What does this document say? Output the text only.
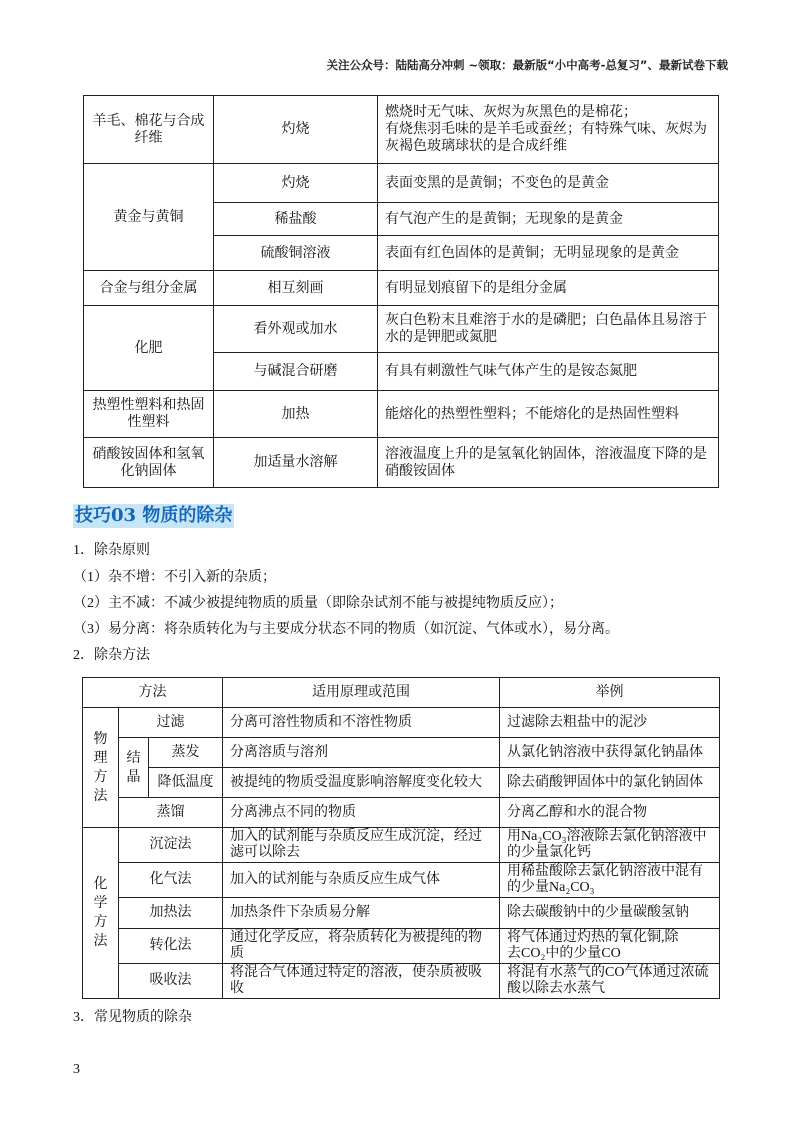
关注公众号：陆陆高分冲刺 ~领取：最新版“小中高考-总复习”、最新试卷下载
羊毛、棉花与合成纤维	灼烧	燃烧时无气味、灰烬为灰黑色的是棉花；
有烧焦羽毛味的是羊毛或蚕丝；有特殊气味、灰烬为灰褐色玻璃球状的是合成纤维

黄金与黄铜	灼烧	表面变黑的是黄铜；不变色的是黄金
	稀盐酸	有气泡产生的是黄铜；无现象的是黄金
	硫酸铜溶液	表面有红色固体的是黄铜；无明显现象的是黄金
合金与组分金属	相互刻画	有明显划痕留下的是组分金属
化肥	看外观或加水	灰白色粉末且难溶于水的是磷肥；白色晶体且易溶于水的是钾肥或氮肥
	与碱混合研磨	有具有刺激性气味气体产生的是铵态氮肥
热塑性塑料和热固性塑料	加热	能熔化的热塑性塑料；不能熔化的是热固性塑料
硝酸铵固体和氢氧化钠固体	加适量水溶解	溶液温度上升的是氢氧化钠固体，溶液温度下降的是硝酸铵固体
技巧03 物质的除杂
1．除杂原则
（1）杂不增：不引入新的杂质；
（2）主不减：不减少被提纯物质的质量（即除杂试剂不能与被提纯物质反应）；
（3）易分离：将杂质转化为与主要成分状态不同的物质（如沉淀、气体或水），易分离。
2．除杂方法
方法			适用原理或范围	举例

物理方法	过滤		分离可溶性物质和不溶性物质	过滤除去粗盐中的泥沙

	结晶	蒸发	分离溶质与溶剂	从氯化钠溶液中获得氯化钠晶体
		降低温度	被提纯的物质受温度影响溶解度变化较大	除去硝酸钾固体中的氯化钠固体
	蒸馏		分离沸点不同的物质	分离乙醇和水的混合物

化学方法	沉淀法		加入的试剂能与杂质反应生成沉淀，经过滤可以除去	用Na₂CO₃溶液除去氯化钠溶液中的少量氯化钙
	化气法		加入的试剂能与杂质反应生成气体	用稀盐酸除去氯化钠溶液中混有的少量Na₂CO₃
	加热法		加热条件下杂质易分解	除去碳酸钠中的少量碳酸氢钠
	转化法		通过化学反应，将杂质转化为被提纯的物质	将气体通过灼热的氧化铜,除
去CO₂中的少量CO

	吸收法		将混合气体通过特定的溶液，使杂质被吸收	将混有水蒸气的CO气体通过浓硫酸以除去水蒸气
3．常见物质的除杂
3
